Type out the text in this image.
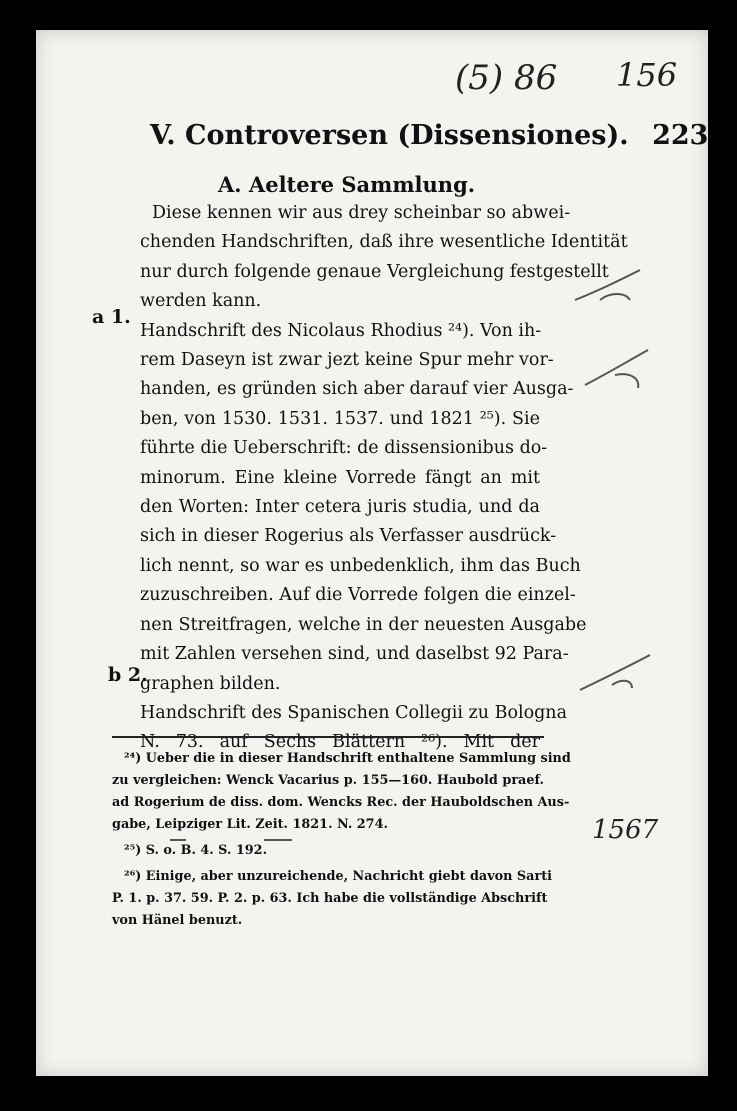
(5) 86 156
1567
V. Controversen (Dissensiones). 223
A. Aeltere Sammlung.
a 1.
b 2.
Diese kennen wir aus drey scheinbar so abwei-
chenden Handschriften, daß ihre wesentliche Identität
nur durch folgende genaue Vergleichung festgestellt
werden kann.
Handschrift des Nicolaus Rhodius ²⁴). Von ih-
rem Daseyn ist zwar jezt keine Spur mehr vor-
handen, es gründen sich aber darauf vier Ausga-
ben, von 1530. 1531. 1537. und 1821 ²⁵). Sie
führte die Ueberschrift: de dissensionibus do-
minorum. Eine kleine Vorrede fängt an mit
den Worten: Inter cetera juris studia, und da
sich in dieser Rogerius als Verfasser ausdrück-
lich nennt, so war es unbedenklich, ihm das Buch
zuzuschreiben. Auf die Vorrede folgen die einzel-
nen Streitfragen, welche in der neuesten Ausgabe
mit Zahlen versehen sind, und daselbst 92 Para-
graphen bilden.
Handschrift des Spanischen Collegii zu Bologna
N. 73. auf Sechs Blättern ²⁶). Mit der
²⁴) Ueber die in dieser Handschrift enthaltene Sammlung sind
zu vergleichen: Wenck Vacarius p. 155—160. Haubold praef.
ad Rogerium de diss. dom. Wencks Rec. der Hauboldschen Aus-
gabe, Leipziger Lit. Zeit. 1821. N. 274.
²⁵) S. o. B. 4. S. 192.
²⁶) Einige, aber unzureichende, Nachricht giebt davon Sarti
P. 1. p. 37. 59. P. 2. p. 63. Ich habe die vollständige Abschrift
von Hänel benuzt.
